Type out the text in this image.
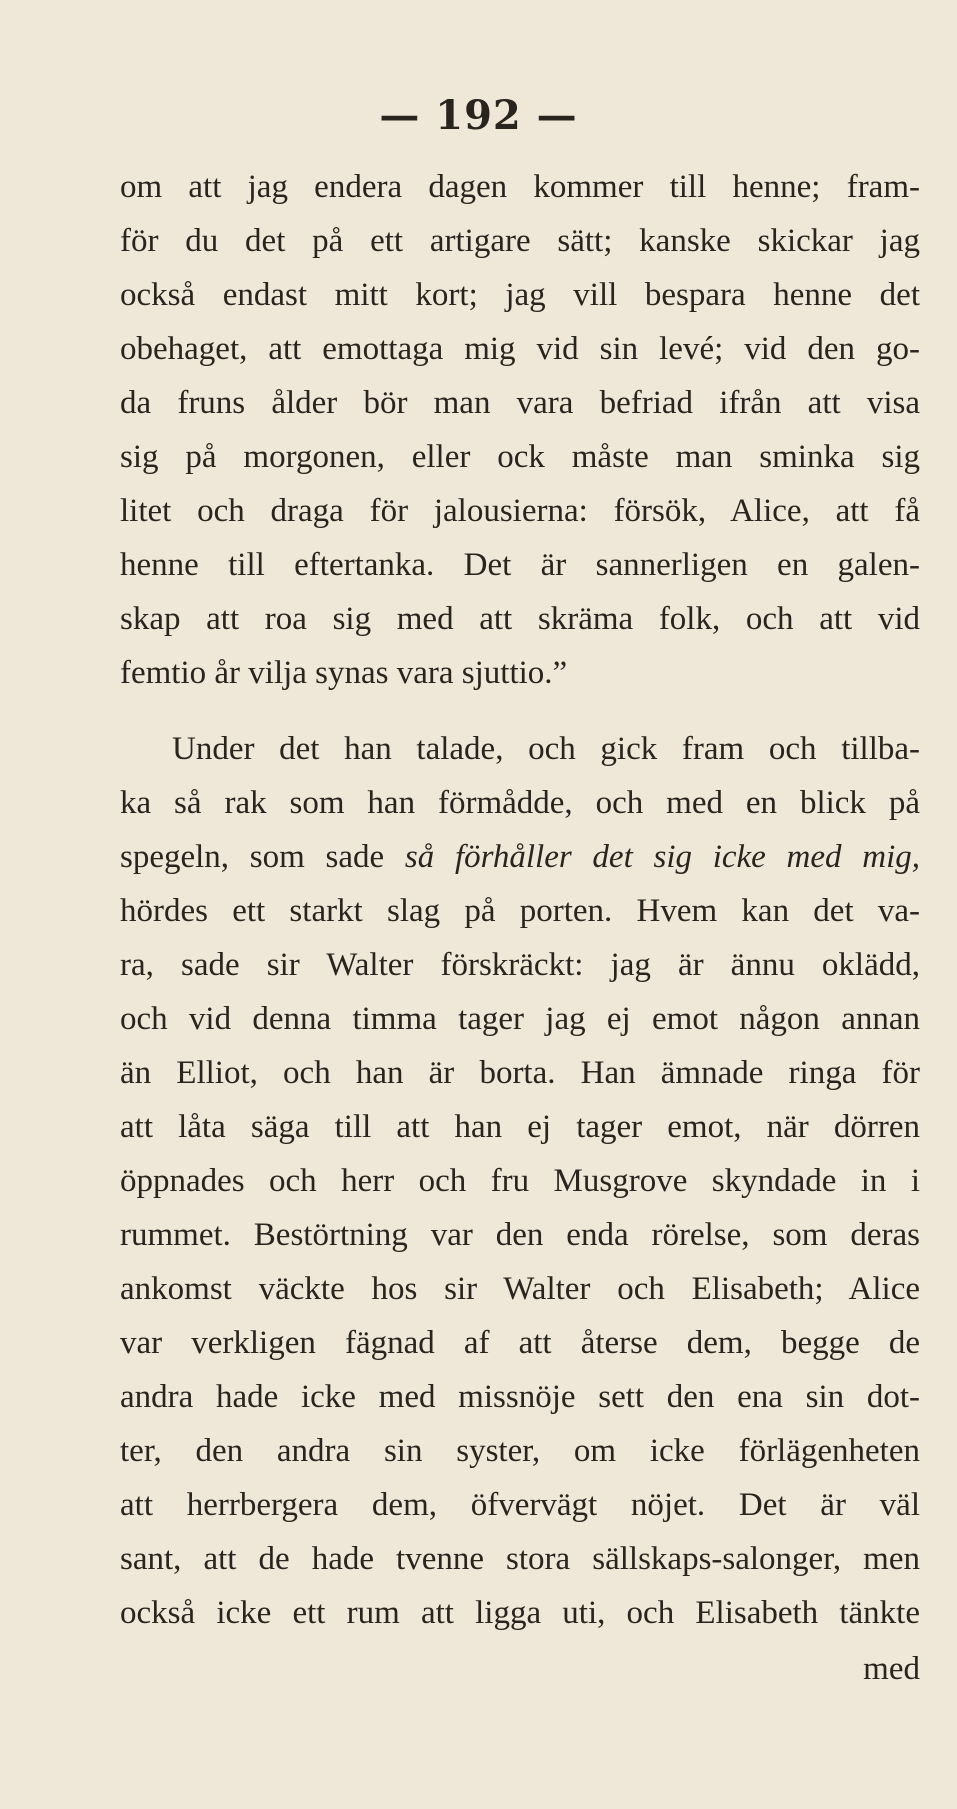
— 192 —
om att jag endera dagen kommer till henne; fram-
för du det på ett artigare sätt; kanske skickar jag
också endast mitt kort; jag vill bespara henne det
obehaget, att emottaga mig vid sin levé; vid den go-
da fruns ålder bör man vara befriad ifrån att visa
sig på morgonen, eller ock måste man sminka sig
litet och draga för jalousierna: försök, Alice, att få
henne till eftertanka. Det är sannerligen en galen-
skap att roa sig med att skräma folk, och att vid
femtio år vilja synas vara sjuttio.”
Under det han talade, och gick fram och tillba-
ka så rak som han förmådde, och med en blick på
spegeln, som sade så förhåller det sig icke med mig,
hördes ett starkt slag på porten. Hvem kan det va-
ra, sade sir Walter förskräckt: jag är ännu oklädd,
och vid denna timma tager jag ej emot någon annan
än Elliot, och han är borta. Han ämnade ringa för
att låta säga till att han ej tager emot, när dörren
öppnades och herr och fru Musgrove skyndade in i
rummet. Bestörtning var den enda rörelse, som deras
ankomst väckte hos sir Walter och Elisabeth; Alice
var verkligen fägnad af att återse dem, begge de
andra hade icke med missnöje sett den ena sin dot-
ter, den andra sin syster, om icke förlägenheten
att herrbergera dem, öfvervägt nöjet. Det är väl
sant, att de hade tvenne stora sällskaps-salonger, men
också icke ett rum att ligga uti, och Elisabeth tänkte
med
